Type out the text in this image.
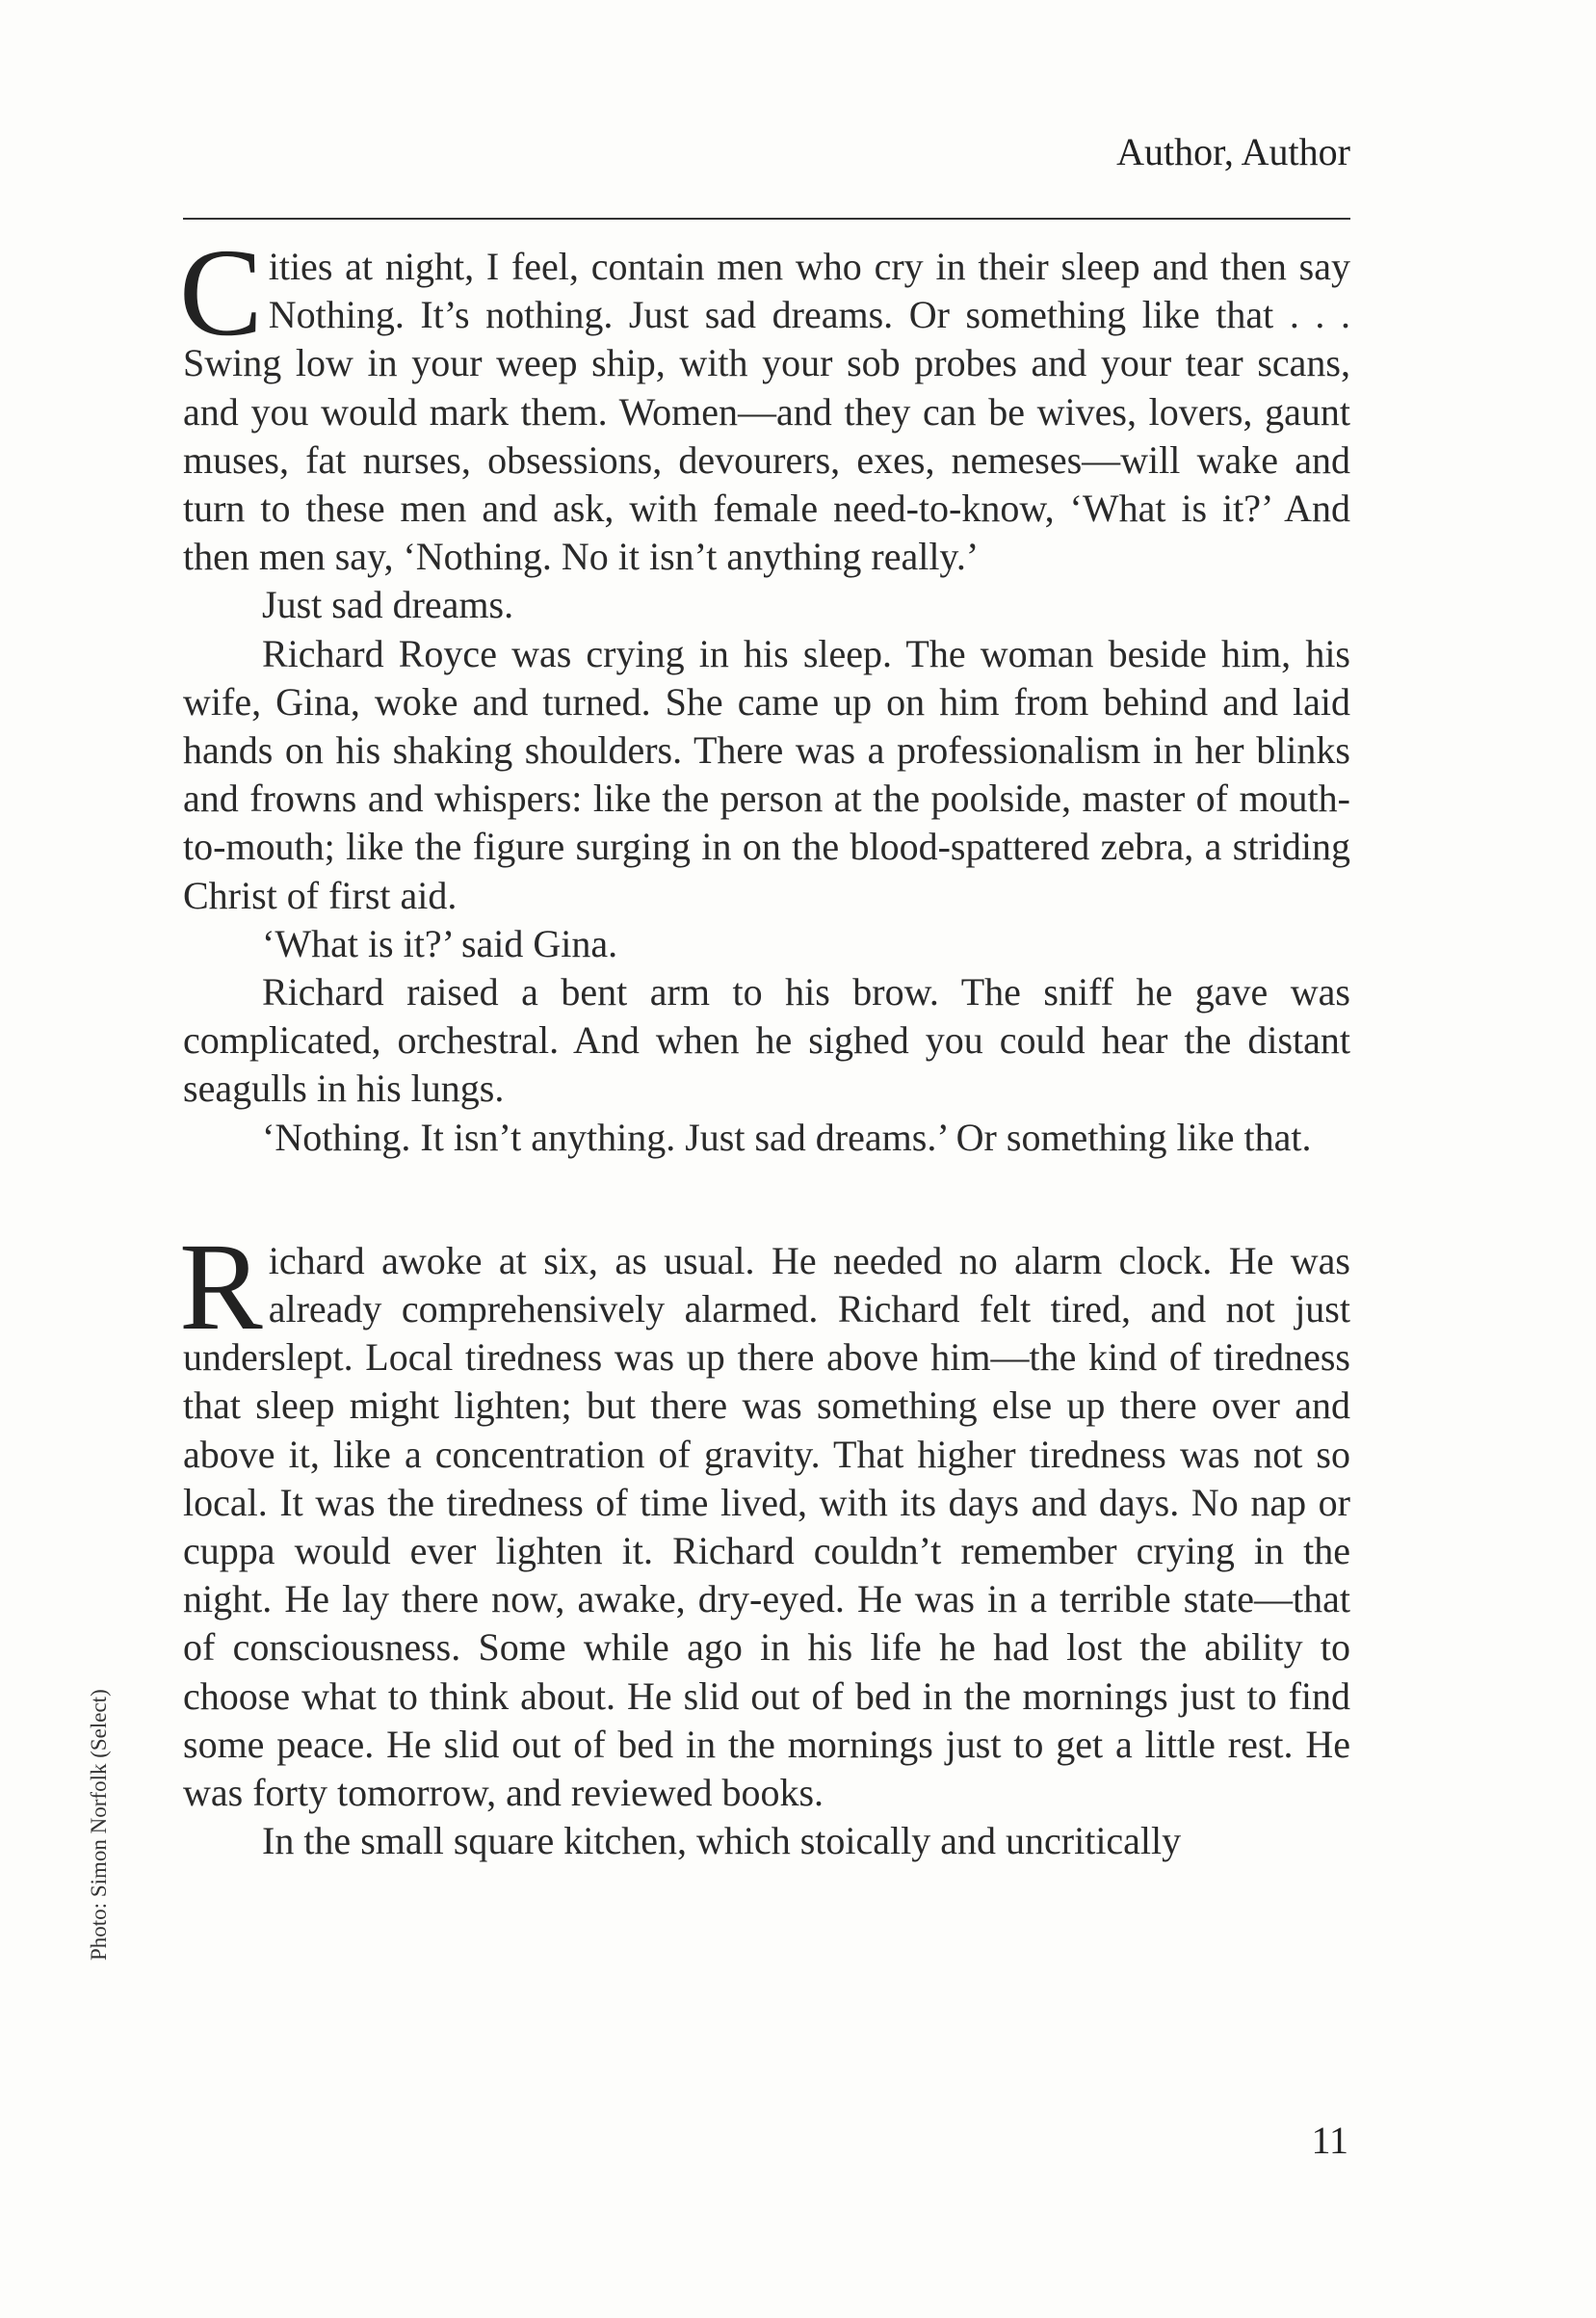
Author, Author

Cities at night, I feel, contain men who cry in their sleep and then say Nothing. It’s nothing. Just sad dreams. Or something like that . . . Swing low in your weep ship, with your sob probes and your tear scans, and you would mark them. Women—and they can be wives, lovers, gaunt muses, fat nurses, obsessions, devourers, exes, nemeses—will wake and turn to these men and ask, with female need-to-know, ‘What is it?’ And then men say, ‘Nothing. No it isn’t anything really.’

Just sad dreams.

Richard Royce was crying in his sleep. The woman beside him, his wife, Gina, woke and turned. She came up on him from behind and laid hands on his shaking shoulders. There was a professionalism in her blinks and frowns and whispers: like the person at the poolside, master of mouth-to-mouth; like the figure surging in on the blood-spattered zebra, a striding Christ of first aid.

‘What is it?’ said Gina.

Richard raised a bent arm to his brow. The sniff he gave was complicated, orchestral. And when he sighed you could hear the distant seagulls in his lungs.

‘Nothing. It isn’t anything. Just sad dreams.’ Or something like that.

Richard awoke at six, as usual. He needed no alarm clock. He was already comprehensively alarmed. Richard felt tired, and not just underslept. Local tiredness was up there above him—the kind of tiredness that sleep might lighten; but there was something else up there over and above it, like a concentration of gravity. That higher tiredness was not so local. It was the tiredness of time lived, with its days and days. No nap or cuppa would ever lighten it. Richard couldn’t remember crying in the night. He lay there now, awake, dry-eyed. He was in a terrible state—that of consciousness. Some while ago in his life he had lost the ability to choose what to think about. He slid out of bed in the mornings just to find some peace. He slid out of bed in the mornings just to get a little rest. He was forty tomorrow, and reviewed books.

In the small square kitchen, which stoically and uncritically

11
Photo: Simon Norfolk (Select)
